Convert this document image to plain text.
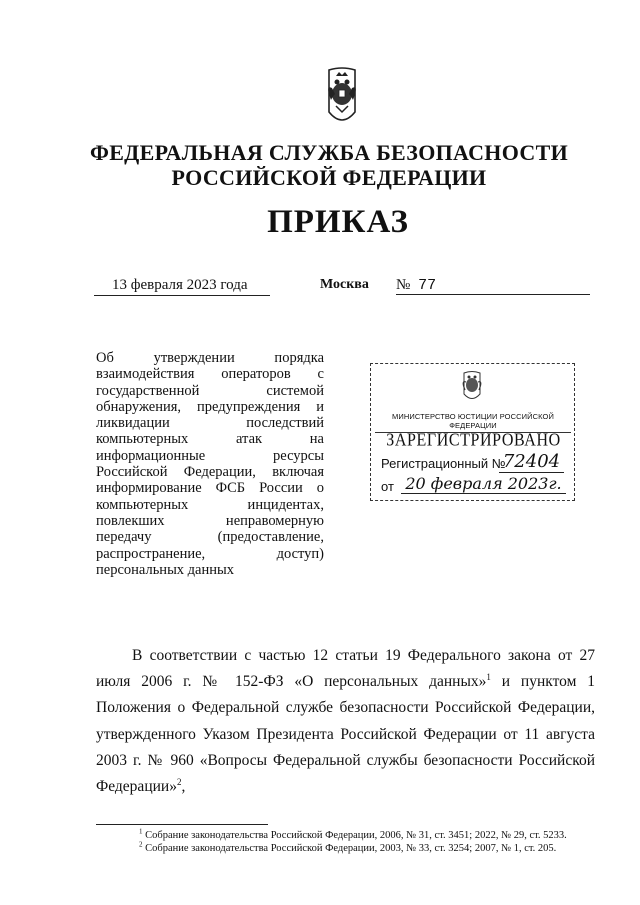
ФЕДЕРАЛЬНАЯ СЛУЖБА БЕЗОПАСНОСТИ
РОССИЙСКОЙ ФЕДЕРАЦИИ
ПРИКАЗ
13 февраля 2023 года	Москва № 77
Об утверждении порядка взаимодействия операторов с государственной системой обнаружения, предупреждения и ликвидации последствий компьютерных атак на информационные ресурсы Российской Федерации, включая информирование ФСБ России о компьютерных инцидентах, повлекших неправомерную передачу (предоставление, распространение, доступ) персональных данных
МИНИСТЕРСТВО ЮСТИЦИИ РОССИЙСКОЙ ФЕДЕРАЦИИ
ЗАРЕГИСТРИРОВАНО
Регистрационный №
72404
от 20 февраля 2023г.

В соответствии с частью 12 статьи 19 Федерального закона от 27 июля 2006 г. № 152-ФЗ «О персональных данных»$^1$ и пунктом 1 Положения о Федеральной службе безопасности Российской Федерации, утвержденного Указом Президента Российской Федерации от 11 августа 2003 г. № 960 «Вопросы Федеральной службы безопасности Российской Федерации»$^2$,

$^1$ Собрание законодательства Российской Федерации, 2006, № 31, ст. 3451; 2022, № 29, ст. 5233.
$^2$ Собрание законодательства Российской Федерации, 2003, № 33, ст. 3254; 2007, № 1, ст. 205.
